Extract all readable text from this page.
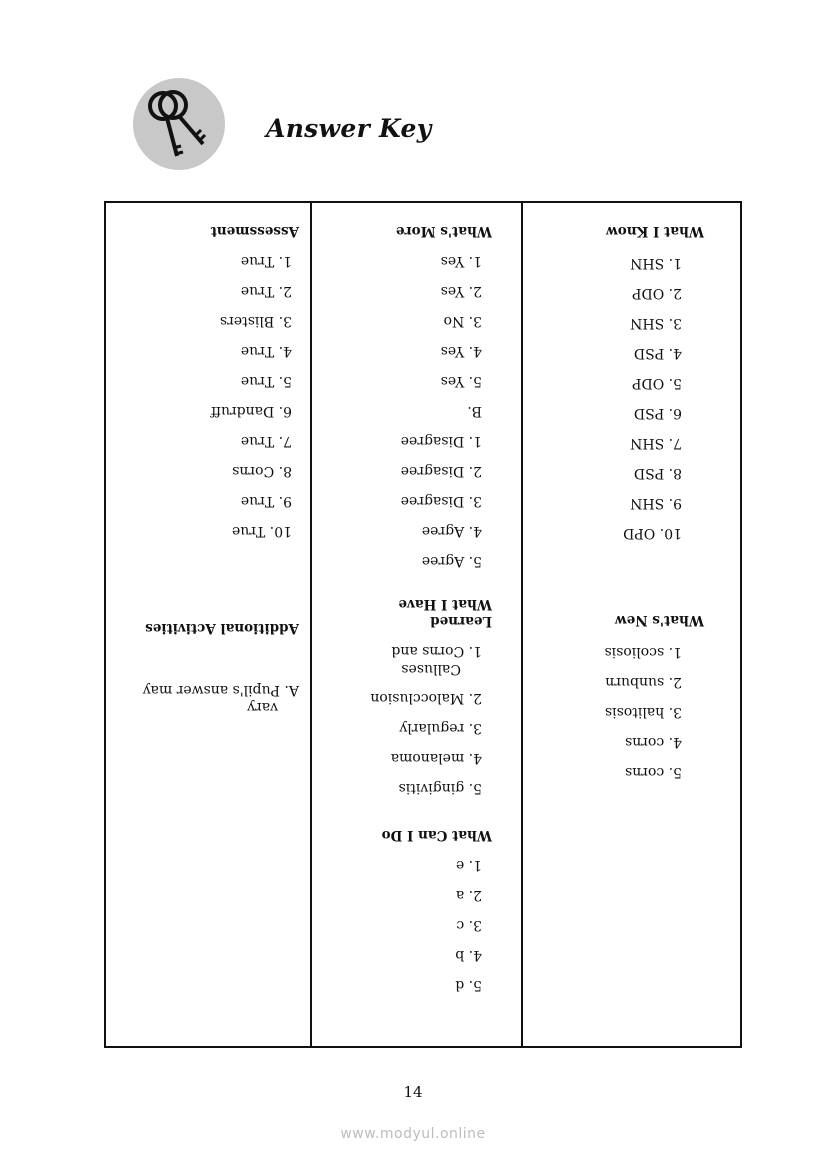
Answer Key
What I Know
1. SHN
2. ODP
3. SHN
4. PSD
5. ODP
6. PSD
7. SHN
8. PSD
9. SHN
10. OPD
What's New
1. scoliosis
2. sunburn
3. halitosis
4. corns
5. corns
What's More
1. Yes
2. Yes
3. No
4. Yes
5. Yes
B.
1. Disagree
2. Disagree
3. Disagree
4. Agree
5. Agree
What I Have
Learned
1. Corns and
Calluses
2. Malocclusion
3. regularly
4. melanoma
5. gingivitis
What Can I Do
1. e
2. a
3. c
4. b
5. d
Assessment
1. True
2. True
3. Blisters
4. True
5. True
6. Dandruff
7. True
8. Corns
9. True
10. True
Additional Activities
A. Pupil's answer may
vary
14
www.modyul.online
